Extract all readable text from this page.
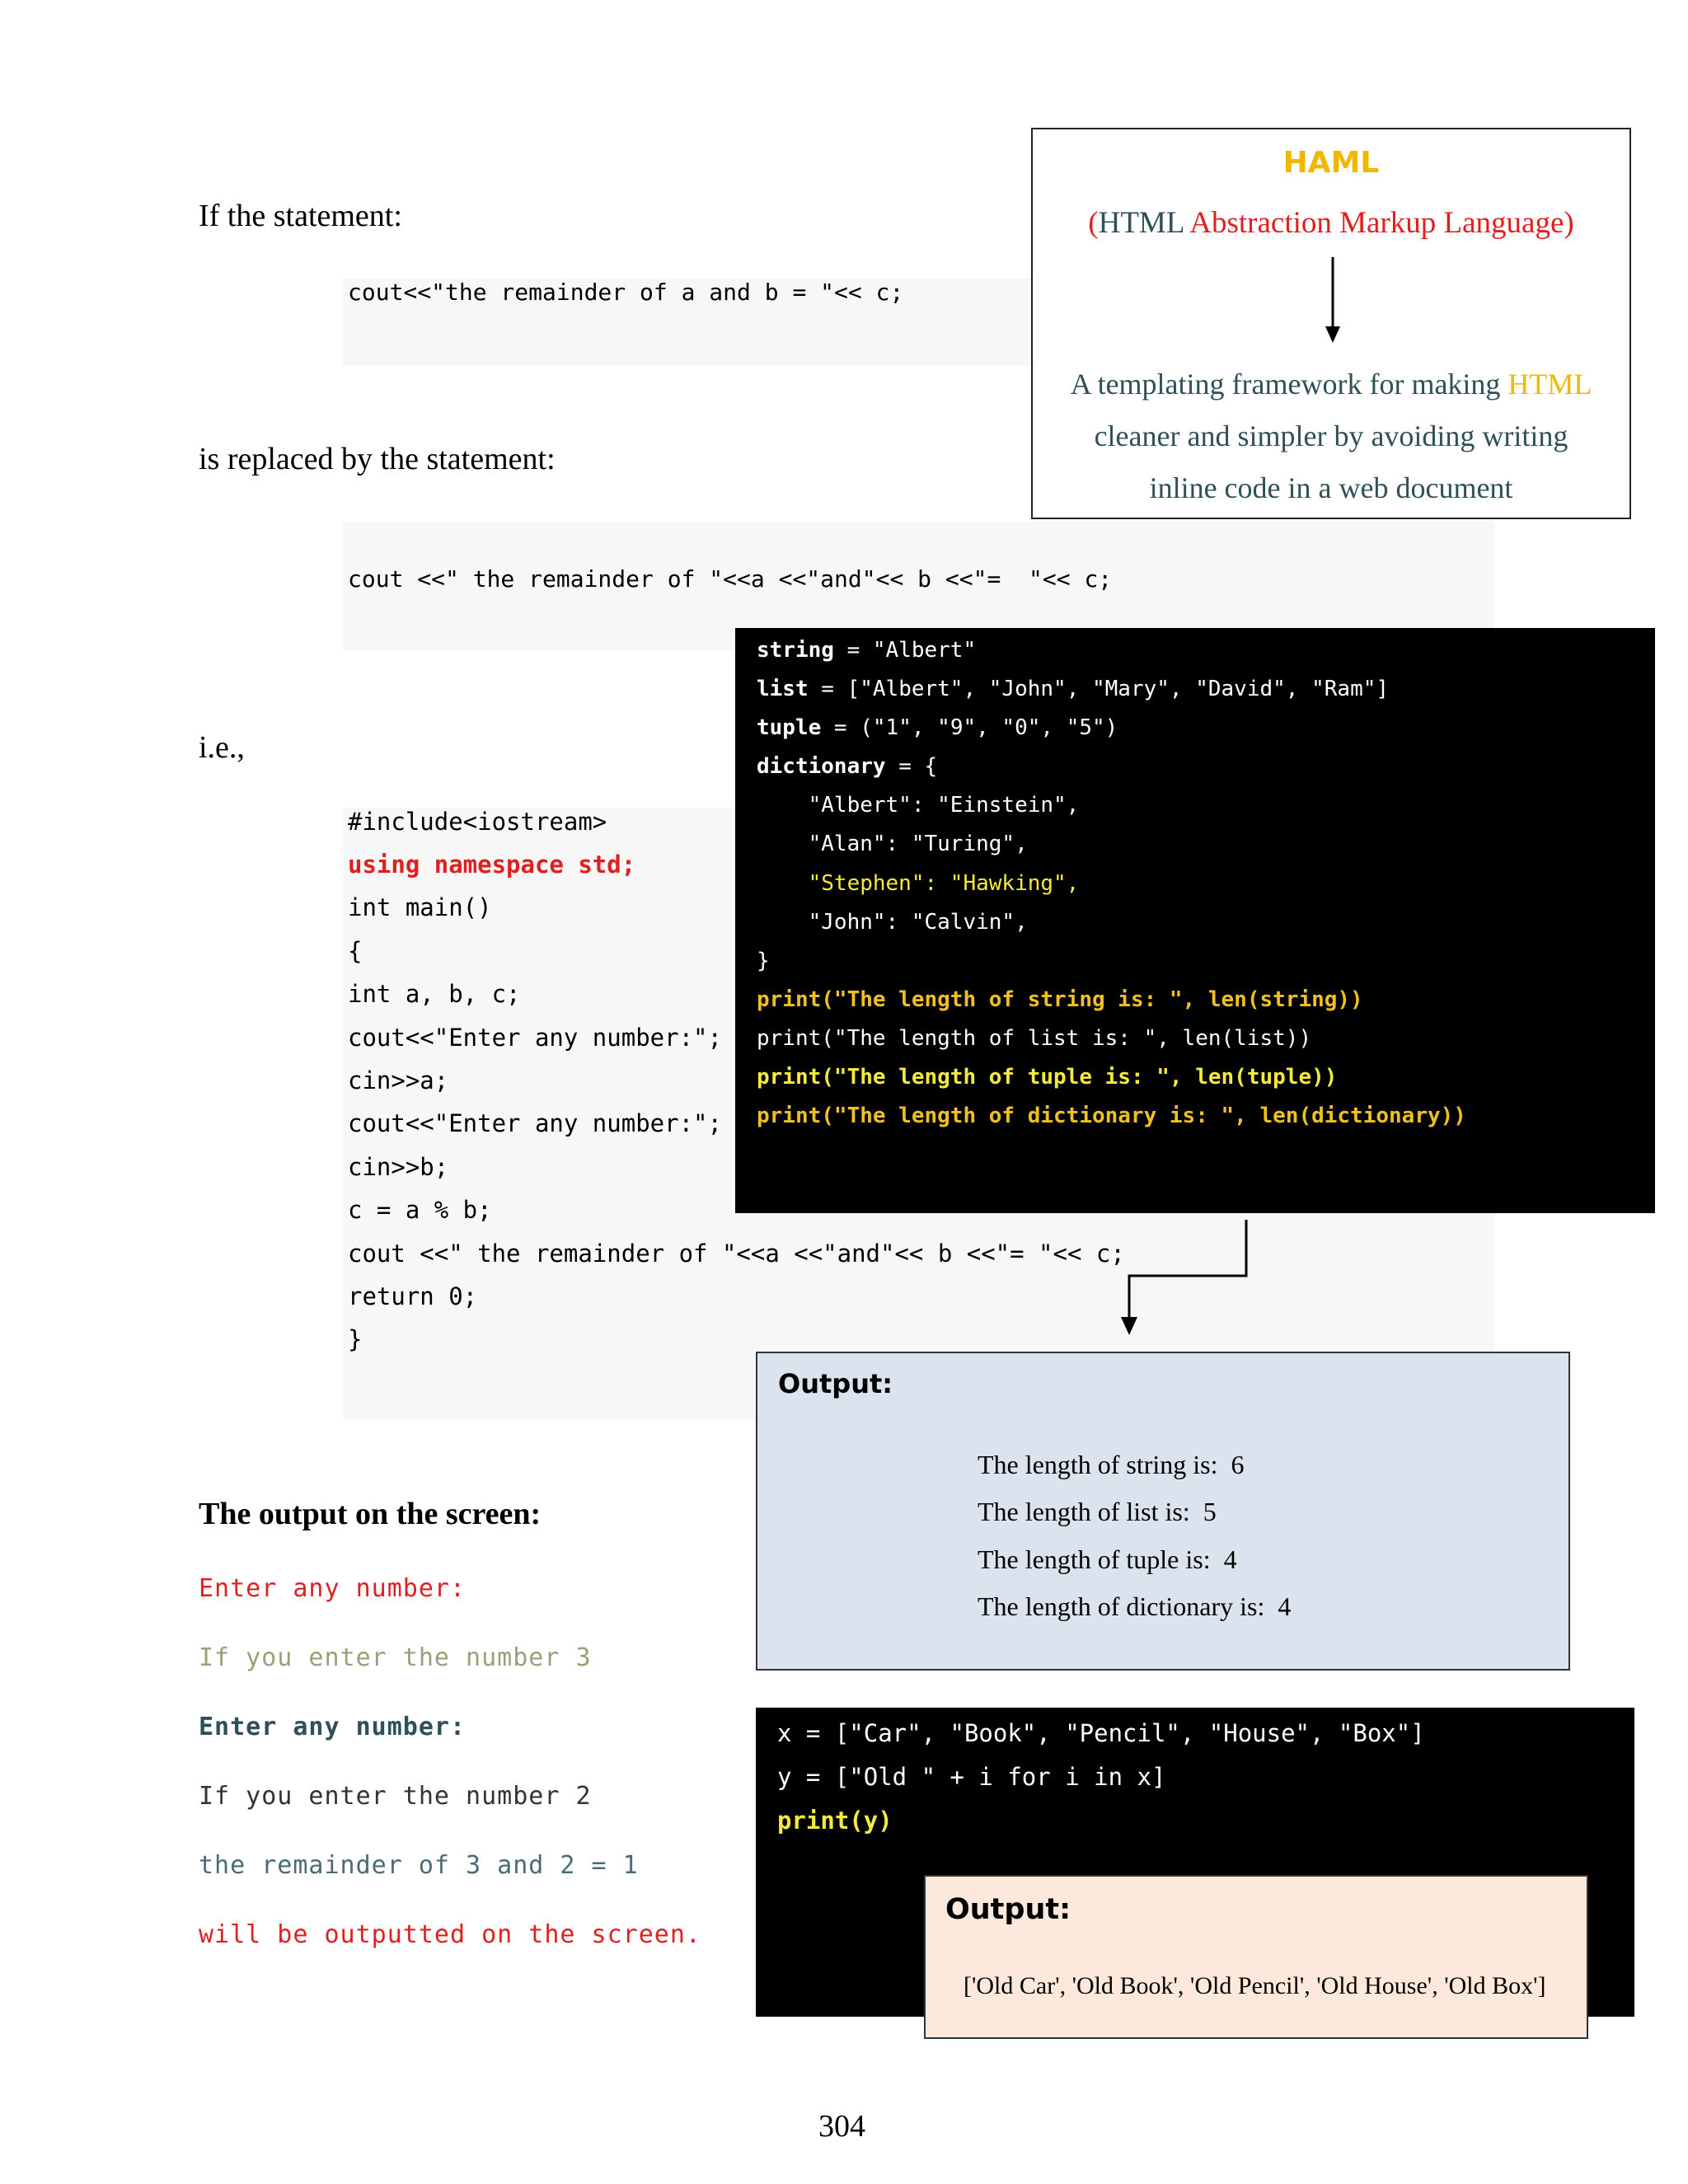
If the statement:
cout<<"the remainder of a and b = "<< c;
is replaced by the statement:
cout <<" the remainder of "<<a <<"and"<< b <<"=  "<< c;
i.e.,
HAML
(HTML Abstraction Markup Language)
A templating framework for making HTML
cleaner and simpler by avoiding writing
inline code in a web document
#include<iostream>
using namespace std;
int main()
{
int a, b, c;
cout<<"Enter any number:";
cin>>a;
cout<<"Enter any number:";
cin>>b;
c = a % b;
cout <<" the remainder of "<<a <<"and"<< b <<"= "<< c;
return 0;
}
string = "Albert"
list = ["Albert", "John", "Mary", "David", "Ram"]
tuple = ("1", "9", "0", "5")
dictionary = {
"Albert": "Einstein",
"Alan": "Turing",
"Stephen": "Hawking",
"John": "Calvin",
}
print("The length of string is: ", len(string))
print("The length of list is: ", len(list))
print("The length of tuple is: ", len(tuple))
print("The length of dictionary is: ", len(dictionary))
Output:
The length of string is:  6
The length of list is:  5
The length of tuple is:  4
The length of dictionary is:  4
The output on the screen:
Enter any number:
If you enter the number 3
Enter any number:
If you enter the number 2
the remainder of 3 and 2 = 1
will be outputted on the screen.
x = ["Car", "Book", "Pencil", "House", "Box"]
y = ["Old " + i for i in x]
print(y)
Output:
['Old Car', 'Old Book', 'Old Pencil', 'Old House', 'Old Box']
304
